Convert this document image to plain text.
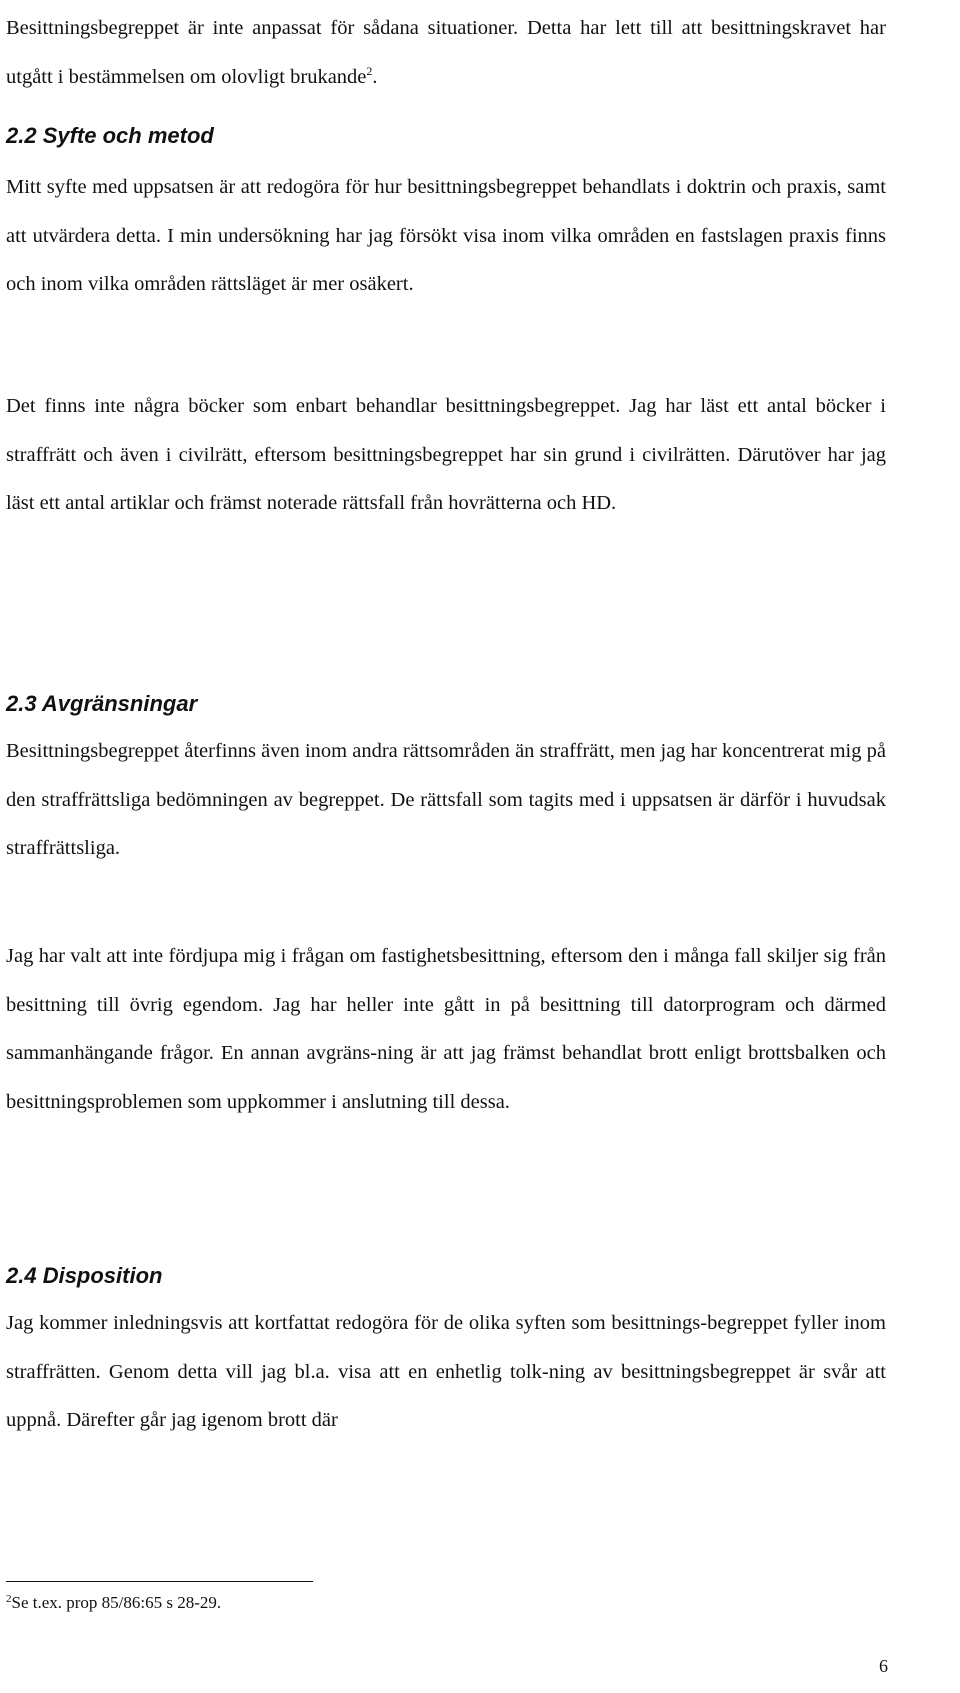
Besittningsbegreppet är inte anpassat för sådana situationer. Detta har lett till att besittningskravet har utgått i bestämmelsen om olovligt brukande$^2$.

2.2 Syfte och metod

Mitt syfte med uppsatsen är att redogöra för hur besittningsbegreppet behandlats i doktrin och praxis, samt att utvärdera detta. I min undersökning har jag försökt visa inom vilka områden en fastslagen praxis finns och inom vilka områden rättsläget är mer osäkert.

Det finns inte några böcker som enbart behandlar besittningsbegreppet. Jag har läst ett antal böcker i straffrätt och även i civilrätt, eftersom besittningsbegreppet har sin grund i civilrätten. Därutöver har jag läst ett antal artiklar och främst noterade rättsfall från hovrätterna och HD.

2.3 Avgränsningar

Besittningsbegreppet återfinns även inom andra rättsområden än straffrätt, men jag har koncentrerat mig på den straffrättsliga bedömningen av begreppet. De rättsfall som tagits med i uppsatsen är därför i huvudsak straffrättsliga.

Jag har valt att inte fördjupa mig i frågan om fastighetsbesittning, eftersom den i många fall skiljer sig från besittning till övrig egendom. Jag har heller inte gått in på besittning till datorprogram och därmed sammanhängande frågor. En annan avgräns-ning är att jag främst behandlat brott enligt brottsbalken och besittningsproblemen som uppkommer i anslutning till dessa.

2.4 Disposition

Jag kommer inledningsvis att kortfattat redogöra för de olika syften som besittnings-begreppet fyller inom straffrätten. Genom detta vill jag bl.a. visa att en enhetlig tolk-ning av besittningsbegreppet är svår att uppnå. Därefter går jag igenom brott där

$^2$Se t.ex. prop 85/86:65 s 28-29.
6
